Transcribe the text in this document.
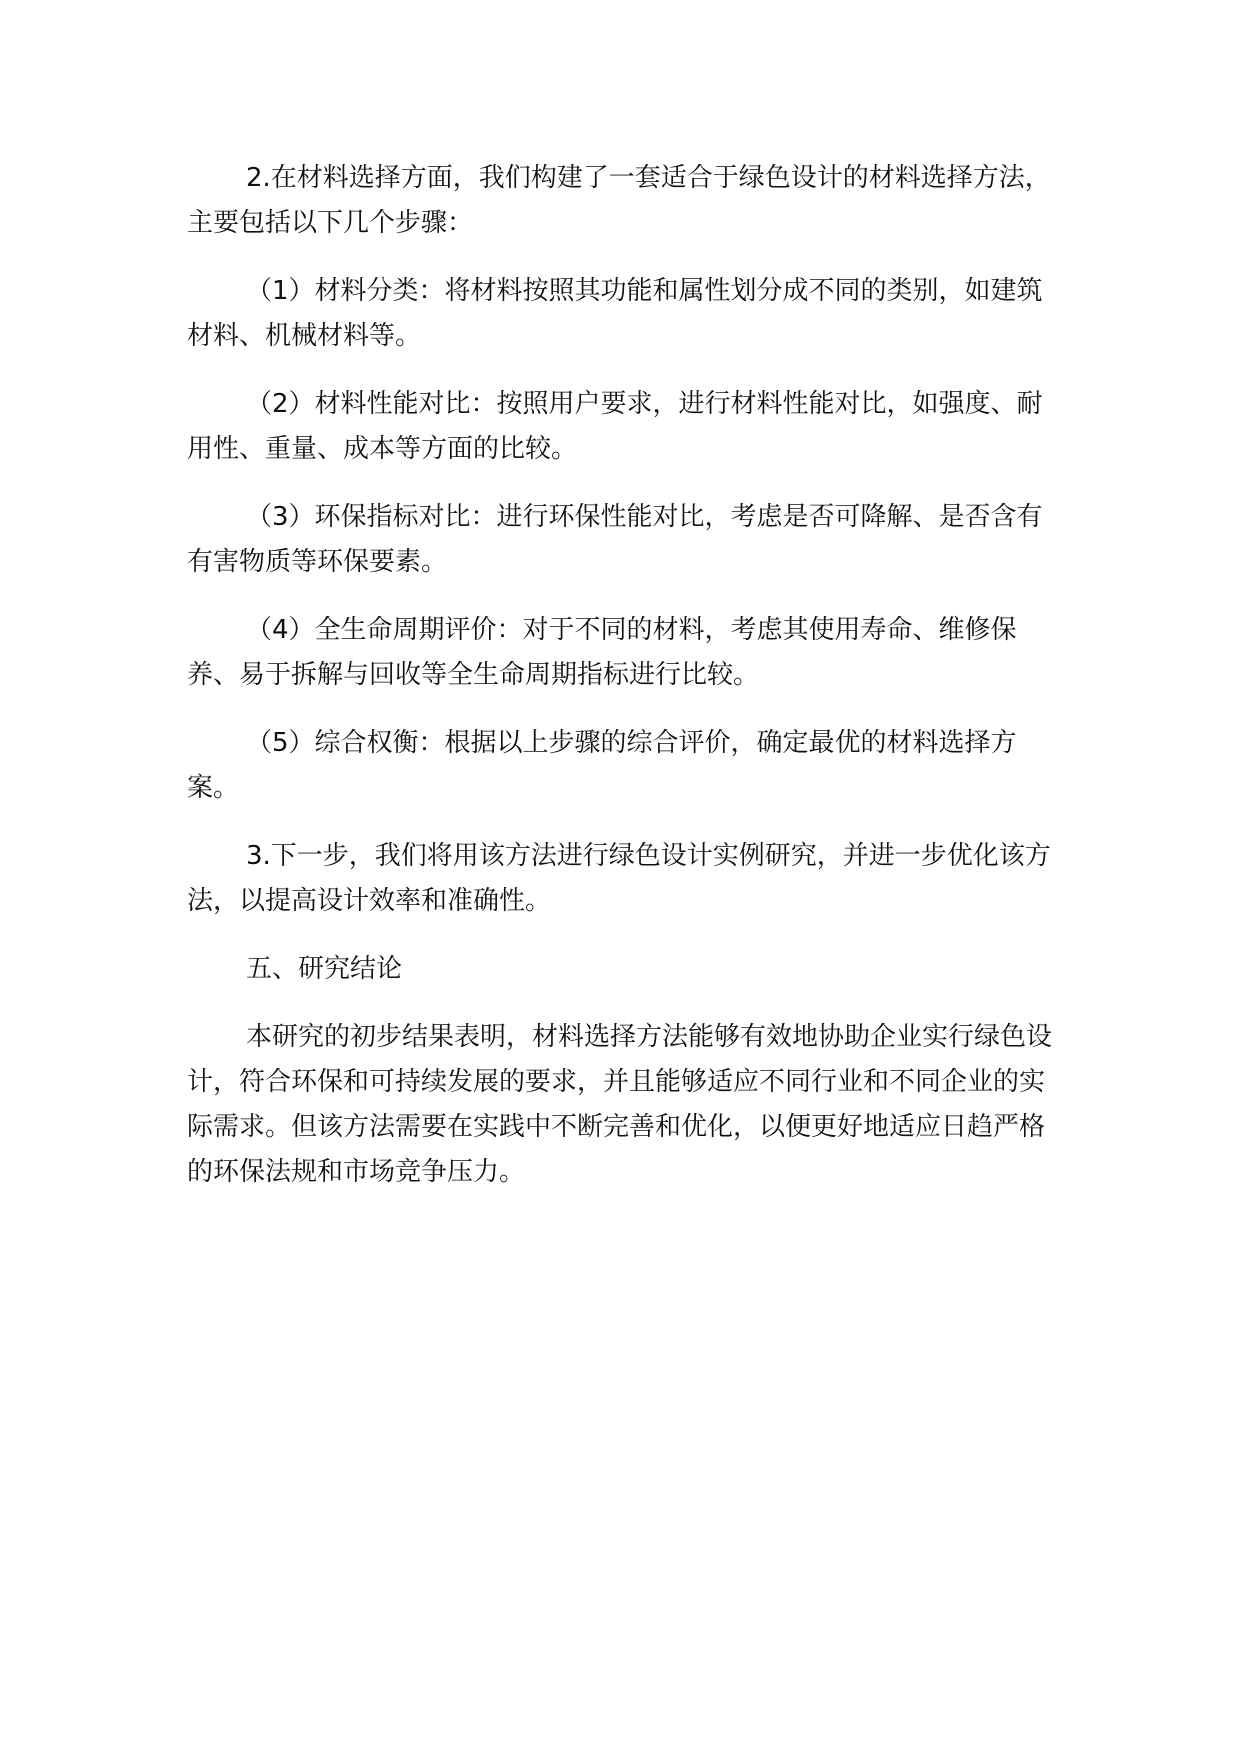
2.在材料选择方面，我们构建了一套适合于绿色设计的材料选择方法，主要包括以下几个步骤：

（1）材料分类：将材料按照其功能和属性划分成不同的类别，如建筑材料、机械材料等。

（2）材料性能对比：按照用户要求，进行材料性能对比，如强度、耐用性、重量、成本等方面的比较。

（3）环保指标对比：进行环保性能对比，考虑是否可降解、是否含有有害物质等环保要素。

（4）全生命周期评价：对于不同的材料，考虑其使用寿命、维修保养、易于拆解与回收等全生命周期指标进行比较。

（5）综合权衡：根据以上步骤的综合评价，确定最优的材料选择方案。

3.下一步，我们将用该方法进行绿色设计实例研究，并进一步优化该方法，以提高设计效率和准确性。

五、研究结论

本研究的初步结果表明，材料选择方法能够有效地协助企业实行绿色设计，符合环保和可持续发展的要求，并且能够适应不同行业和不同企业的实际需求。但该方法需要在实践中不断完善和优化，以便更好地适应日趋严格的环保法规和市场竞争压力。
